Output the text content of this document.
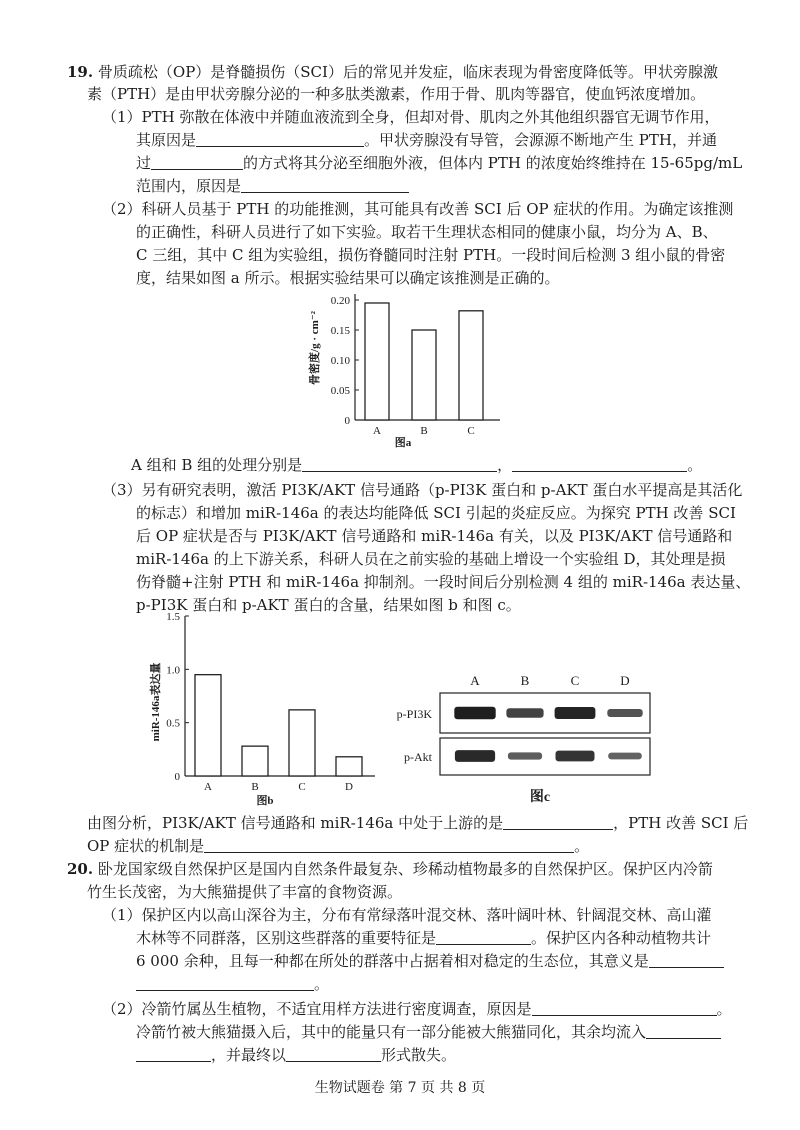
19. 骨质疏松（OP）是脊髓损伤（SCI）后的常见并发症，临床表现为骨密度降低等。甲状旁腺激
素（PTH）是由甲状旁腺分泌的一种多肽类激素，作用于骨、肌肉等器官，使血钙浓度增加。
（1）PTH 弥散在体液中并随血液流到全身，但却对骨、肌肉之外其他组织器官无调节作用，
其原因是	。甲状旁腺没有导管，会源源不断地产生 PTH，并通
过	的方式将其分泌至细胞外液，但体内 PTH 的浓度始终维持在 15-65pg/mL
范围内，原因是
（2）科研人员基于 PTH 的功能推测，其可能具有改善 SCI 后 OP 症状的作用。为确定该推测
的正确性，科研人员进行了如下实验。取若干生理状态相同的健康小鼠，均分为 A、B、
C 三组，其中 C 组为实验组，损伤脊髓同时注射 PTH。一段时间后检测 3 组小鼠的骨密
度，结果如图 a 所示。根据实验结果可以确定该推测是正确的。
骨密度/g · cm⁻²
0
0.05
0.10
0.15
0.20
A	B	C
图a
A 组和 B 组的处理分别是	，	。
（3）另有研究表明，激活 PI3K/AKT 信号通路（p-PI3K 蛋白和 p-AKT 蛋白水平提高是其活化
的标志）和增加 miR-146a 的表达均能降低 SCI 引起的炎症反应。为探究 PTH 改善 SCI
后 OP 症状是否与 PI3K/AKT 信号通路和 miR-146a 有关，以及 PI3K/AKT 信号通路和
miR-146a 的上下游关系，科研人员在之前实验的基础上增设一个实验组 D，其处理是损
伤脊髓+注射 PTH 和 miR-146a 抑制剂。一段时间后分别检测 4 组的 miR-146a 表达量、
p-PI3K 蛋白和 p-AKT 蛋白的含量，结果如图 b 和图 c。
miR-146a表达量
0
0.5
1.0
1.5
A	B	C	D
图b
A	B	C	D
p-PI3K
p-Akt
图c
由图分析，PI3K/AKT 信号通路和 miR-146a 中处于上游的是	，PTH 改善 SCI 后
OP 症状的机制是	。
20. 卧龙国家级自然保护区是国内自然条件最复杂、珍稀动植物最多的自然保护区。保护区内冷箭
竹生长茂密，为大熊猫提供了丰富的食物资源。
（1）保护区内以高山深谷为主，分布有常绿落叶混交林、落叶阔叶林、针阔混交林、高山灌
木林等不同群落，区别这些群落的重要特征是	。保护区内各种动植物共计
6 000 余种，且每一种都在所处的群落中占据着相对稳定的生态位，其意义是
。
（2）冷箭竹属丛生植物，不适宜用样方法进行密度调查，原因是	。
冷箭竹被大熊猫摄入后，其中的能量只有一部分能被大熊猫同化，其余均流入
，并最终以	形式散失。
生物试题卷 第 7 页 共 8 页
